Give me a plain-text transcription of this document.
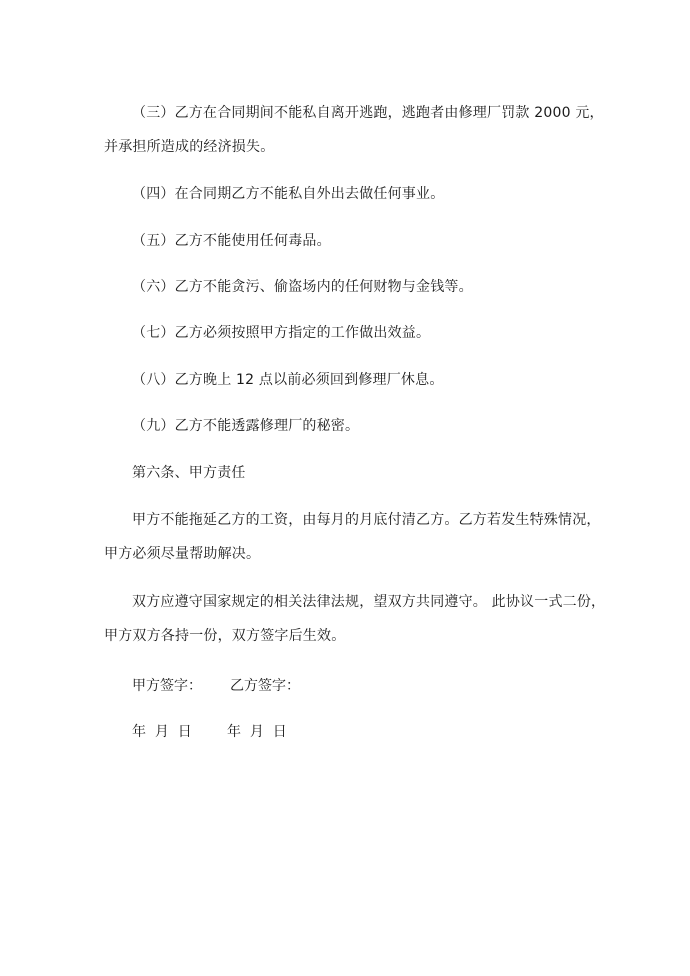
（三）乙方在合同期间不能私自离开逃跑，逃跑者由修理厂罚款 2000 元，
并承担所造成的经济损失。
（四）在合同期乙方不能私自外出去做任何事业。
（五）乙方不能使用任何毒品。
（六）乙方不能贪污、偷盗场内的任何财物与金钱等。
（七）乙方必须按照甲方指定的工作做出效益。
（八）乙方晚上 12 点以前必须回到修理厂休息。
（九）乙方不能透露修理厂的秘密。
第六条、甲方责任
甲方不能拖延乙方的工资，由每月的月底付清乙方。乙方若发生特殊情况，
甲方必须尽量帮助解决。
双方应遵守国家规定的相关法律法规，望双方共同遵守。 此协议一式二份，
甲方双方各持一份，双方签字后生效。
甲方签字： 乙方签字：
年  月  日	年  月  日
